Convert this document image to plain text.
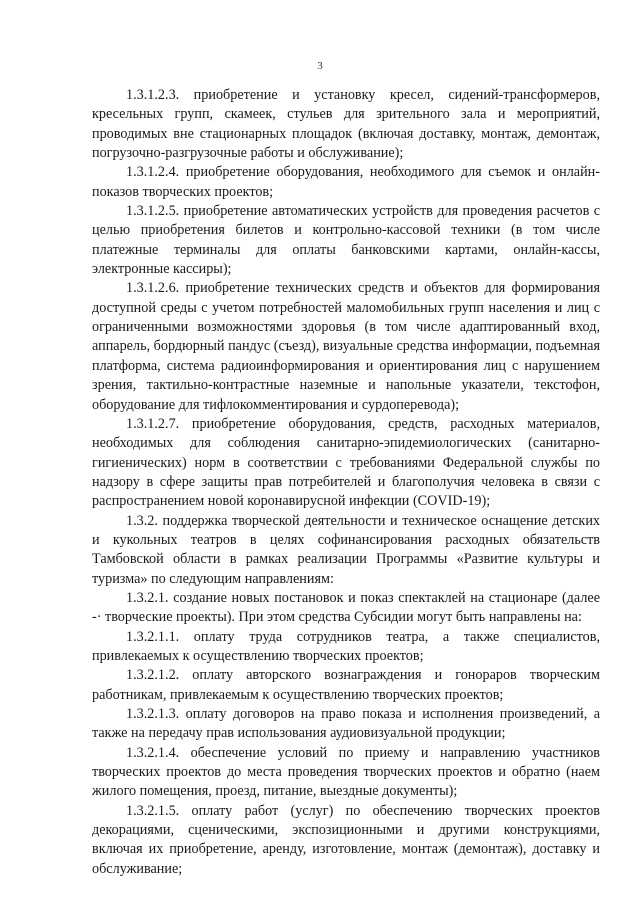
3

1.3.1.2.3. приобретение и установку кресел, сидений-трансформеров, кресельных групп, скамеек, стульев для зрительного зала и мероприятий, проводимых вне стационарных площадок (включая доставку, монтаж, демонтаж, погрузочно-разгрузочные работы и обслуживание);

1.3.1.2.4. приобретение оборудования, необходимого для съемок и онлайн-показов творческих проектов;

1.3.1.2.5. приобретение автоматических устройств для проведения расчетов с целью приобретения билетов и контрольно-кассовой техники (в том числе платежные терминалы для оплаты банковскими картами, онлайн-кассы, электронные кассиры);

1.3.1.2.6. приобретение технических средств и объектов для формирования доступной среды с учетом потребностей маломобильных групп населения и лиц с ограниченными возможностями здоровья (в том числе адаптированный вход, аппарель, бордюрный пандус (съезд), визуальные средства информации, подъемная платформа, система радиоинформирования и ориентирования лиц с нарушением зрения, тактильно-контрастные наземные и напольные указатели, текстофон, оборудование для тифлокомментирования и сурдоперевода);

1.3.1.2.7. приобретение оборудования, средств, расходных материалов, необходимых для соблюдения санитарно-эпидемиологических (санитарно-гигиенических) норм в соответствии с требованиями Федеральной службы по надзору в сфере защиты прав потребителей и благополучия человека в связи с распространением новой коронавирусной инфекции (COVID-19);

1.3.2. поддержка творческой деятельности и техническое оснащение детских и кукольных театров в целях софинансирования расходных обязательств Тамбовской области в рамках реализации Программы «Развитие культуры и туризма» по следующим направлениям:

1.3.2.1. создание новых постановок и показ спектаклей на стационаре (далее -· творческие проекты). При этом средства Субсидии могут быть направлены на:

1.3.2.1.1. оплату труда сотрудников театра, а также специалистов, привлекаемых к осуществлению творческих проектов;

1.3.2.1.2. оплату авторского вознаграждения и гонораров творческим работникам, привлекаемым к осуществлению творческих проектов;

1.3.2.1.3. оплату договоров на право показа и исполнения произведений, а также на передачу прав использования аудиовизуальной продукции;

1.3.2.1.4. обеспечение условий по приему и направлению участников творческих проектов до места проведения творческих проектов и обратно (наем жилого помещения, проезд, питание, выездные документы);

1.3.2.1.5. оплату работ (услуг) по обеспечению творческих проектов декорациями, сценическими, экспозиционными и другими конструкциями, включая их приобретение, аренду, изготовление, монтаж (демонтаж), доставку и обслуживание;
